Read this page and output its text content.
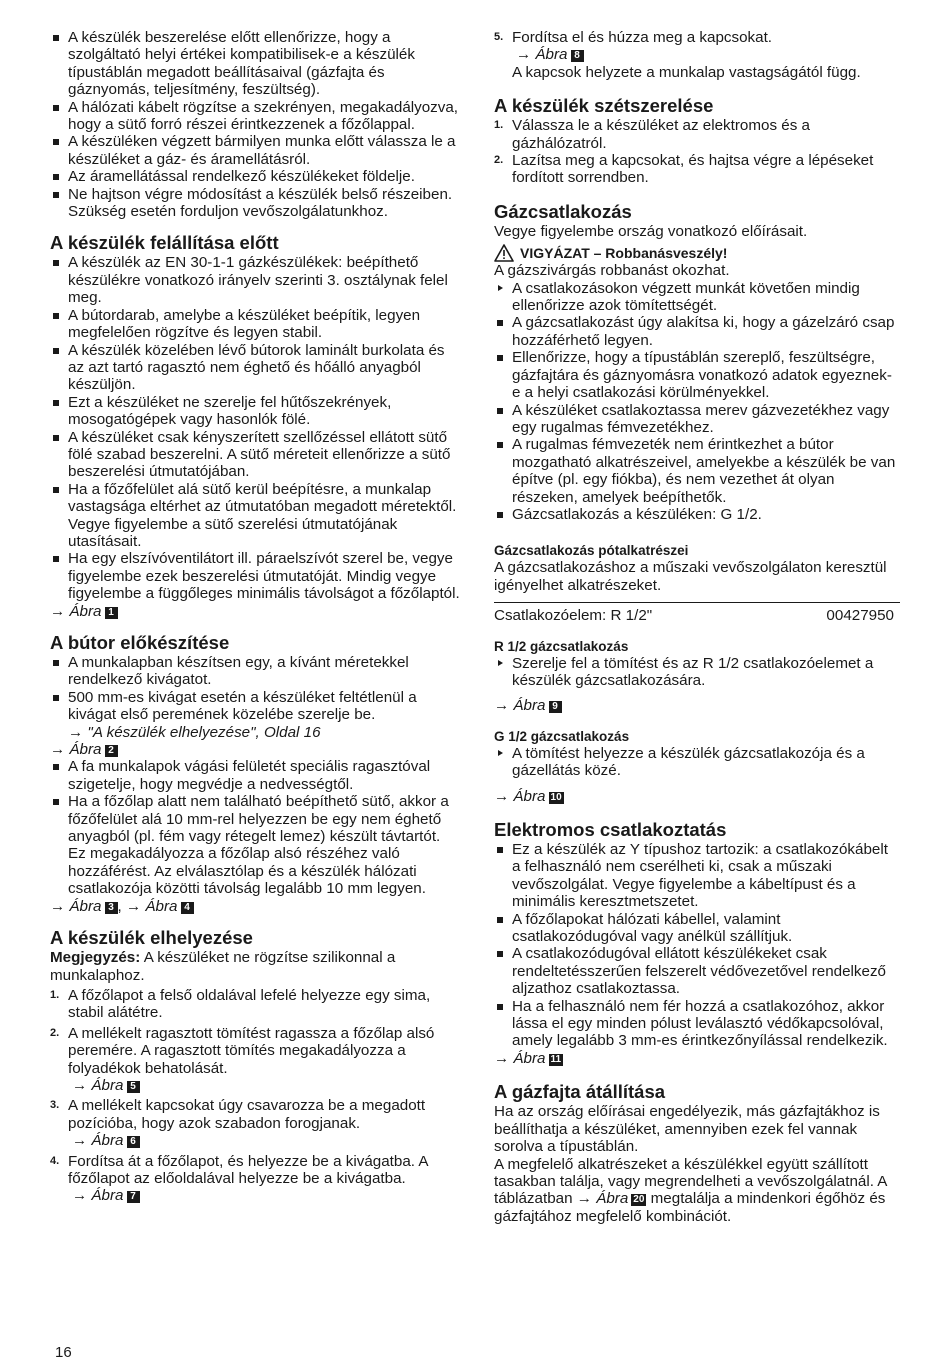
A készülék beszerelése előtt ellenőrizze, hogy a szolgáltató helyi értékei kompatibilisek-e a készülék típustáblán megadott beállításaival (gázfajta és gáznyomás, teljesítmény, feszültség).

A hálózati kábelt rögzítse a szekrényen, megakadályozva, hogy a sütő forró részei érintkezzenek a főzőlappal.

A készüléken végzett bármilyen munka előtt válassza le a készüléket a gáz- és áramellátásról.

Az áramellátással rendelkező készülékeket földelje.

Ne hajtson végre módosítást a készülék belső részeiben. Szükség esetén forduljon vevőszolgálatunkhoz.

A készülék felállítása előtt

A készülék az EN 30-1-1 gázkészülékek: beépíthető készülékre vonatkozó irányelv szerinti 3. osztálynak felel meg.

A bútordarab, amelybe a készüléket beépítik, legyen megfelelően rögzítve és legyen stabil.

A készülék közelében lévő bútorok laminált burkolata és az azt tartó ragasztó nem éghető és hőálló anyagból készüljön.

Ezt a készüléket ne szerelje fel hűtőszekrények, mosogatógépek vagy hasonlók fölé.

A készüléket csak kényszerített szellőzéssel ellátott sütő fölé szabad beszerelni. A sütő méreteit ellenőrizze a sütő beszerelési útmutatójában.

Ha a főzőfelület alá sütő kerül beépítésre, a munkalap vastagsága eltérhet az útmutatóban megadott méretektől. Vegye figyelembe a sütő szerelési útmutatójának utasításait.

Ha egy elszívóventilátort ill. páraelszívót szerel be, vegye figyelembe ezek beszerelési útmutatóját. Mindig vegye figyelembe a függőleges minimális távolságot a főzőlaptól.

→ Ábra 1

A bútor előkészítése

A munkalapban készítsen egy, a kívánt méretekkel rendelkező kivágatot.

500 mm-es kivágat esetén a készüléket feltétlenül a kivágat első peremének közelébe szerelje be.

→ "A készülék elhelyezése", Oldal 16

→ Ábra 2

A fa munkalapok vágási felületét speciális ragasztóval szigetelje, hogy megvédje a nedvességtől.

Ha a főzőlap alatt nem található beépíthető sütő, akkor a főzőfelület alá 10 mm-rel helyezzen be egy nem éghető anyagból (pl. fém vagy rétegelt lemez) készült távtartót. Ez megakadályozza a főzőlap alsó részéhez való hozzáférést. Az elválasztólap és a készülék hálózati csatlakozója közötti távolság legalább 10 mm legyen.

→ Ábra 3 , → Ábra 4

A készülék elhelyezése

Megjegyzés: A készüléket ne rögzítse szilikonnal a munkalaphoz.

1. A főzőlapot a felső oldalával lefelé helyezze egy sima, stabil alátétre.

2. A mellékelt ragasztott tömítést ragassza a főzőlap alsó peremére. A ragasztott tömítés megakadályozza a folyadékok behatolását.

→ Ábra 5

3. A mellékelt kapcsokat úgy csavarozza be a megadott pozícióba, hogy azok szabadon forogjanak.

→ Ábra 6

4. Fordítsa át a főzőlapot, és helyezze be a kivágatba. A főzőlapot az előoldalával helyezze be a kivágatba.

→ Ábra 7

5. Fordítsa el és húzza meg a kapcsokat.

→ Ábra 8

A kapcsok helyzete a munkalap vastagságától függ.

A készülék szétszerelése
1. Válassza le a készüléket az elektromos és a gázhálózatról.

2. Lazítsa meg a kapcsokat, és hajtsa végre a lépéseket fordított sorrendben.

Gázcsatlakozás

Vegye figyelembe ország vonatkozó előírásait.

VIGYÁZAT – Robbanásveszély!

A gázszivárgás robbanást okozhat.

A csatlakozásokon végzett munkát követően mindig ellenőrizze azok tömítettségét.

A gázcsatlakozást úgy alakítsa ki, hogy a gázelzáró csap hozzáférhető legyen.

Ellenőrizze, hogy a típustáblán szereplő, feszültségre, gázfajtára és gáznyomásra vonatkozó adatok egyeznek-e a helyi csatlakozási körülményekkel.

A készüléket csatlakoztassa merev gázvezetékhez vagy egy rugalmas fémvezetékhez.

A rugalmas fémvezeték nem érintkezhet a bútor mozgatható alkatrészeivel, amelyekbe a készülék be van építve (pl. egy fiókba), és nem vezethet át olyan részeken, amelyek beépíthetők.

Gázcsatlakozás a készüléken: G 1/2.

Gázcsatlakozás pótalkatrészei

A gázcsatlakozáshoz a műszaki vevőszolgálaton keresztül igényelhet alkatrészeket.

Csatlakozóelem: R 1/2"	00427950
R 1/2 gázcsatlakozás

Szerelje fel a tömítést és az R 1/2 csatlakozóelemet a készülék gázcsatlakozására.

→ Ábra 9

G 1/2 gázcsatlakozás

A tömítést helyezze a készülék gázcsatlakozója és a gázellátás közé.

→ Ábra 10

Elektromos csatlakoztatás

Ez a készülék az Y típushoz tartozik: a csatlakozókábelt a felhasználó nem cserélheti ki, csak a műszaki vevőszolgálat. Vegye figyelembe a kábeltípust és a minimális keresztmetszetet.

A főzőlapokat hálózati kábellel, valamint csatlakozódugóval vagy anélkül szállítjuk.

A csatlakozódugóval ellátott készülékeket csak rendeltetésszerűen felszerelt védővezetővel rendelkező aljzathoz csatlakoztassa.

Ha a felhasználó nem fér hozzá a csatlakozóhoz, akkor lássa el egy minden pólust leválasztó védőkapcsolóval, amely legalább 3 mm-es érintkezőnyílással rendelkezik.

→ Ábra 11

A gázfajta átállítása

Ha az ország előírásai engedélyezik, más gázfajtákhoz is beállíthatja a készüléket, amennyiben ezek fel vannak sorolva a típustáblán.

A megfelelő alkatrészeket a készülékkel együtt szállított tasakban találja, vagy megrendelheti a vevőszolgálatnál. A táblázatban → Ábra 20 megtalálja a mindenkori égőhöz és gázfajtához megfelelő kombinációt.

16
